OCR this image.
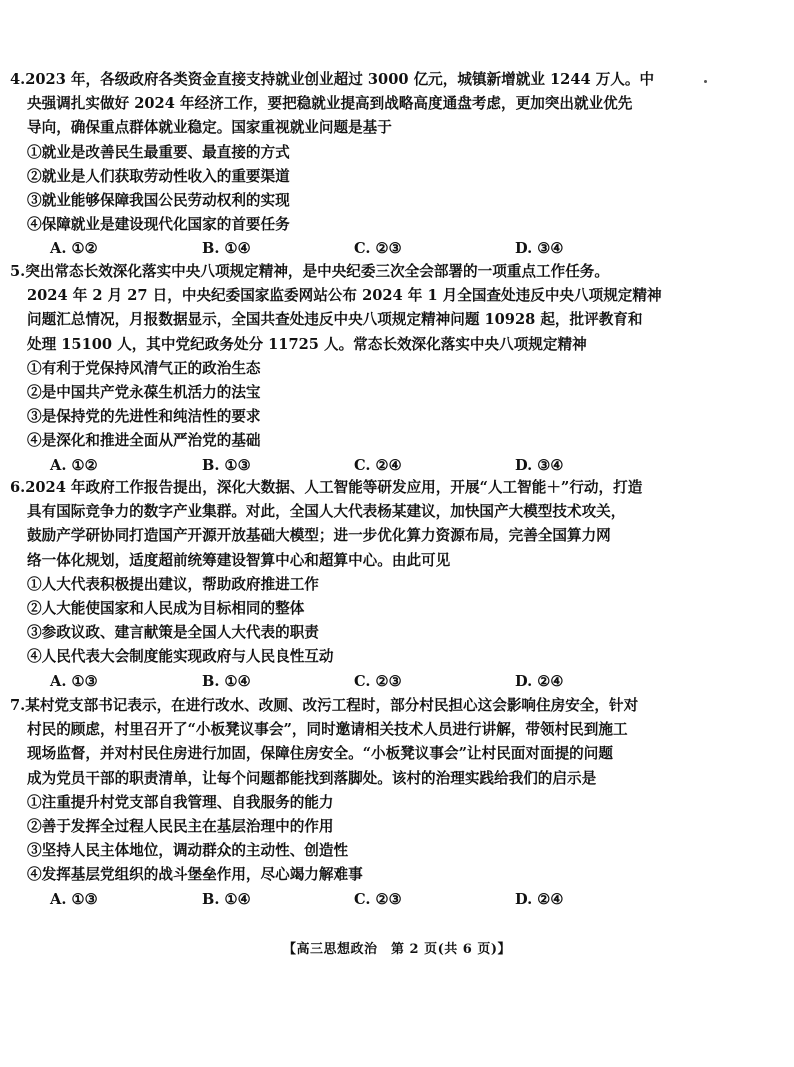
4.2023 年，各级政府各类资金直接支持就业创业超过 3000 亿元，城镇新增就业 1244 万人。中
央强调扎实做好 2024 年经济工作，要把稳就业提高到战略高度通盘考虑，更加突出就业优先
导向，确保重点群体就业稳定。国家重视就业问题是基于
①就业是改善民生最重要、最直接的方式
②就业是人们获取劳动性收入的重要渠道
③就业能够保障我国公民劳动权利的实现
④保障就业是建设现代化国家的首要任务
A. ①②	B. ①④	C. ②③	D. ③④
5.突出常态长效深化落实中央八项规定精神，是中央纪委三次全会部署的一项重点工作任务。
2024 年 2 月 27 日，中央纪委国家监委网站公布 2024 年 1 月全国查处违反中央八项规定精神
问题汇总情况，月报数据显示，全国共查处违反中央八项规定精神问题 10928 起，批评教育和
处理 15100 人，其中党纪政务处分 11725 人。常态长效深化落实中央八项规定精神
①有利于党保持风清气正的政治生态
②是中国共产党永葆生机活力的法宝
③是保持党的先进性和纯洁性的要求
④是深化和推进全面从严治党的基础
A. ①②	B. ①③	C. ②④	D. ③④
6.2024 年政府工作报告提出，深化大数据、人工智能等研发应用，开展“人工智能＋”行动，打造
具有国际竞争力的数字产业集群。对此，全国人大代表杨某建议，加快国产大模型技术攻关，
鼓励产学研协同打造国产开源开放基础大模型；进一步优化算力资源布局，完善全国算力网
络一体化规划，适度超前统筹建设智算中心和超算中心。由此可见
①人大代表积极提出建议，帮助政府推进工作
②人大能使国家和人民成为目标相同的整体
③参政议政、建言献策是全国人大代表的职责
④人民代表大会制度能实现政府与人民良性互动
A. ①③	B. ①④	C. ②③	D. ②④
7.某村党支部书记表示，在进行改水、改厕、改污工程时，部分村民担心这会影响住房安全，针对
村民的顾虑，村里召开了“小板凳议事会”，同时邀请相关技术人员进行讲解，带领村民到施工
现场监督，并对村民住房进行加固，保障住房安全。“小板凳议事会”让村民面对面提的问题
成为党员干部的职责清单，让每个问题都能找到落脚处。该村的治理实践给我们的启示是
①注重提升村党支部自我管理、自我服务的能力
②善于发挥全过程人民民主在基层治理中的作用
③坚持人民主体地位，调动群众的主动性、创造性
④发挥基层党组织的战斗堡垒作用，尽心竭力解难事
A. ①③	B. ①④	C. ②③	D. ②④
【高三思想政治　第 2 页(共 6 页)】
